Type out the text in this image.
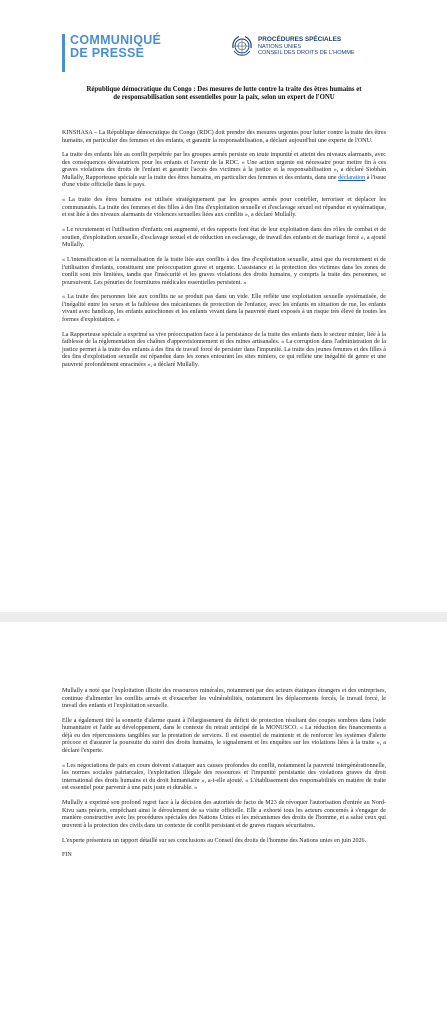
COMMUNIQUÉ
DE PRESSE
PROCÉDURES SPÉCIALES
NATIONS UNIES
CONSEIL DES DROITS DE L'HOMME
République démocratique du Congo : Des mesures de lutte contre la traite des êtres humains et de responsabilisation sont essentielles pour la paix, selon un expert de l'ONU

KINSHASA – La République démocratique du Congo (RDC) doit prendre des mesures urgentes pour lutter contre la traite des êtres humains, en particulier des femmes et des enfants, et garantir la responsabilisation, a déclaré aujourd'hui une experte de l'ONU.

La traite des enfants liée au conflit perpétrée par les groupes armés persiste en toute impunité et atteint des niveaux alarmants, avec des conséquences dévastatrices pour les enfants et l'avenir de la RDC. « Une action urgente est nécessaire pour mettre fin à ces graves violations des droits de l'enfant et garantir l'accès des victimes à la justice et la responsabilisation », a déclaré Siobhán Mullally, Rapporteuse spéciale sur la traite des êtres humains, en particulier des femmes et des enfants, dans une déclaration à l'issue d'une visite officielle dans le pays.

« La traite des êtres humains est utilisée stratégiquement par les groupes armés pour contrôler, terroriser et déplacer les communautés. La traite des femmes et des filles à des fins d'exploitation sexuelle et d'esclavage sexuel est répandue et systématique, et est liée à des niveaux alarmants de violences sexuelles liées aux conflits », a déclaré Mullally.

« Le recrutement et l'utilisation d'enfants ont augmenté, et des rapports font état de leur exploitation dans des rôles de combat et de soutien, d'exploitation sexuelle, d'esclavage sexuel et de réduction en esclavage, de travail des enfants et de mariage forcé », a ajouté Mullally.

« L'intensification et la normalisation de la traite liée aux conflits à des fins d'exploitation sexuelle, ainsi que du recrutement et de l'utilisation d'enfants, constituent une préoccupation grave et urgente. L'assistance et la protection des victimes dans les zones de conflit sont très limitées, tandis que l'insécurité et les graves violations des droits humains, y compris la traite des personnes, se poursuivent. Les pénuries de fournitures médicales essentielles persistent. »

« La traite des personnes liée aux conflits ne se produit pas dans un vide. Elle reflète une exploitation sexuelle systématisée, de l'inégalité entre les sexes et la faiblesse des mécanismes de protection de l'enfance, avec les enfants en situation de rue, les enfants vivant avec handicap, les enfants autochtones et les enfants vivant dans la pauvreté étant exposés à un risque très élevé de toutes les formes d'exploitation. »

La Rapporteuse spéciale a exprimé sa vive préoccupation face à la persistance de la traite des enfants dans le secteur minier, liée à la faiblesse de la réglementation des chaînes d'approvisionnement et des mines artisanales. « La corruption dans l'administration de la justice permet à la traite des enfants à des fins de travail forcé de persister dans l'impunité. La traite des jeunes femmes et des filles à des fins d'exploitation sexuelle est répandue dans les zones entourant les sites miniers, ce qui reflète une inégalité de genre et une pauvreté profondément enracinées », a déclaré Mullally.

Mullally a noté que l'exploitation illicite des ressources minérales, notamment par des acteurs étatiques étrangers et des entreprises, continue d'alimenter les conflits armés et d'exacerber les vulnérabilités, notamment les déplacements forcés, le travail forcé, le travail des enfants et l'exploitation sexuelle.

Elle a également tiré la sonnette d'alarme quant à l'élargissement du déficit de protection résultant des coupes sombres dans l'aide humanitaire et l'aide au développement, dans le contexte du retrait anticipé de la MONUSCO. « La réduction des financements a déjà eu des répercussions tangibles sur la prestation de services. Il est essentiel de maintenir et de renforcer les systèmes d'alerte précoce et d'assurer la poursuite du suivi des droits humains, le signalement et les enquêtes sur les violations liées à la traite », a déclaré l'experte.

« Les négociations de paix en cours doivent s'attaquer aux causes profondes du conflit, notamment la pauvreté intergénérationnelle, les normes sociales patriarcales, l'exploitation illégale des ressources et l'impunité persistante des violations graves du droit international des droits humains et du droit humanitaire », a-t-elle ajouté. « L'établissement des responsabilités en matière de traite est essentiel pour parvenir à une paix juste et durable. »

Mullally a exprimé son profond regret face à la décision des autorités de facto de M23 de révoquer l'autorisation d'entrée au Nord-Kivu sans préavis, empêchant ainsi le déroulement de sa visite officielle. Elle a exhorté tous les acteurs concernés à s'engager de manière constructive avec les procédures spéciales des Nations Unies et les mécanismes des droits de l'homme, et a salué ceux qui œuvrent à la protection des civils dans un contexte de conflit persistant et de graves risques sécuritaires.

L'experte présentera un rapport détaillé sur ses conclusions au Conseil des droits de l'homme des Nations unies en juin 2026.

FIN
